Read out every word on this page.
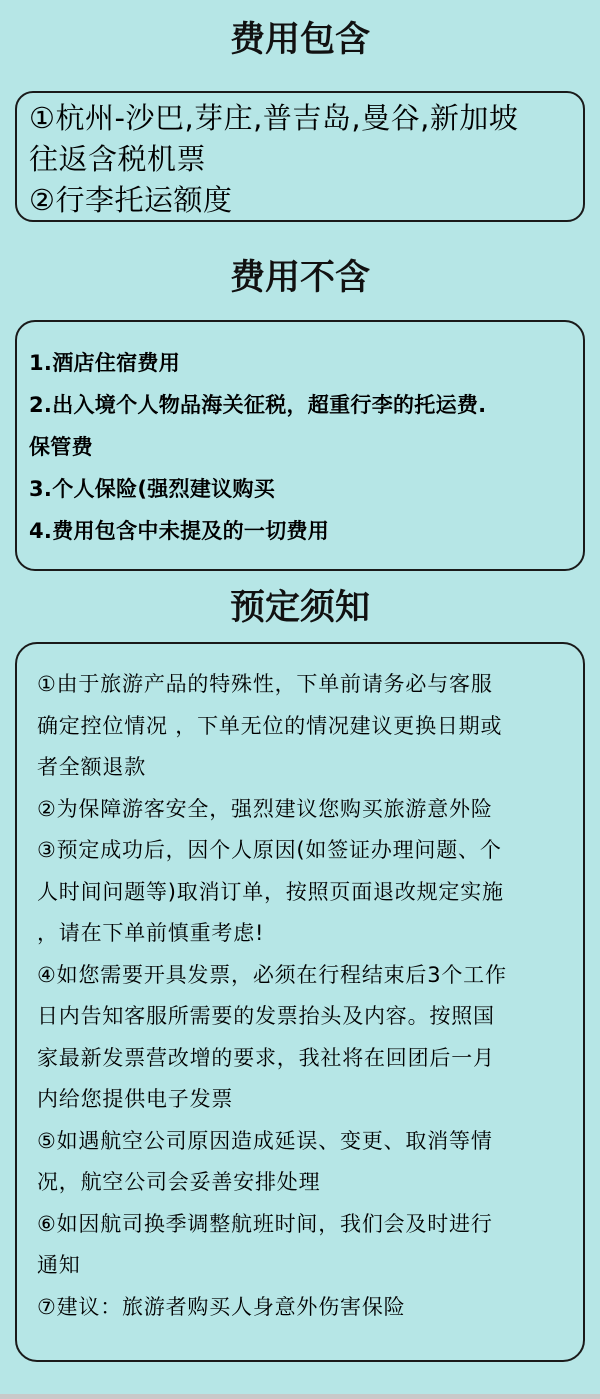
费用包含

①杭州-沙巴,芽庄,普吉岛,曼谷,新加坡

往返含税机票

②行李托运额度

费用不含

1.酒店住宿费用

2.出入境个人物品海关征税，超重行李的托运费.

保管费

3.个人保险(强烈建议购买

4.费用包含中未提及的一切费用

预定须知

①由于旅游产品的特殊性，下单前请务必与客服

确定控位情况 ，下单无位的情况建议更换日期或

者全额退款

②为保障游客安全，强烈建议您购买旅游意外险

③预定成功后，因个人原因(如签证办理问题、个

人时间问题等)取消订单，按照页面退改规定实施

，请在下单前慎重考虑!

④如您需要开具发票，必须在行程结束后3个工作

日内告知客服所需要的发票抬头及内容。按照国

家最新发票营改增的要求，我社将在回团后一月

内给您提供电子发票

⑤如遇航空公司原因造成延误、变更、取消等情

况，航空公司会妥善安排处理

⑥如因航司换季调整航班时间，我们会及时进行

通知

⑦建议：旅游者购买人身意外伤害保险
